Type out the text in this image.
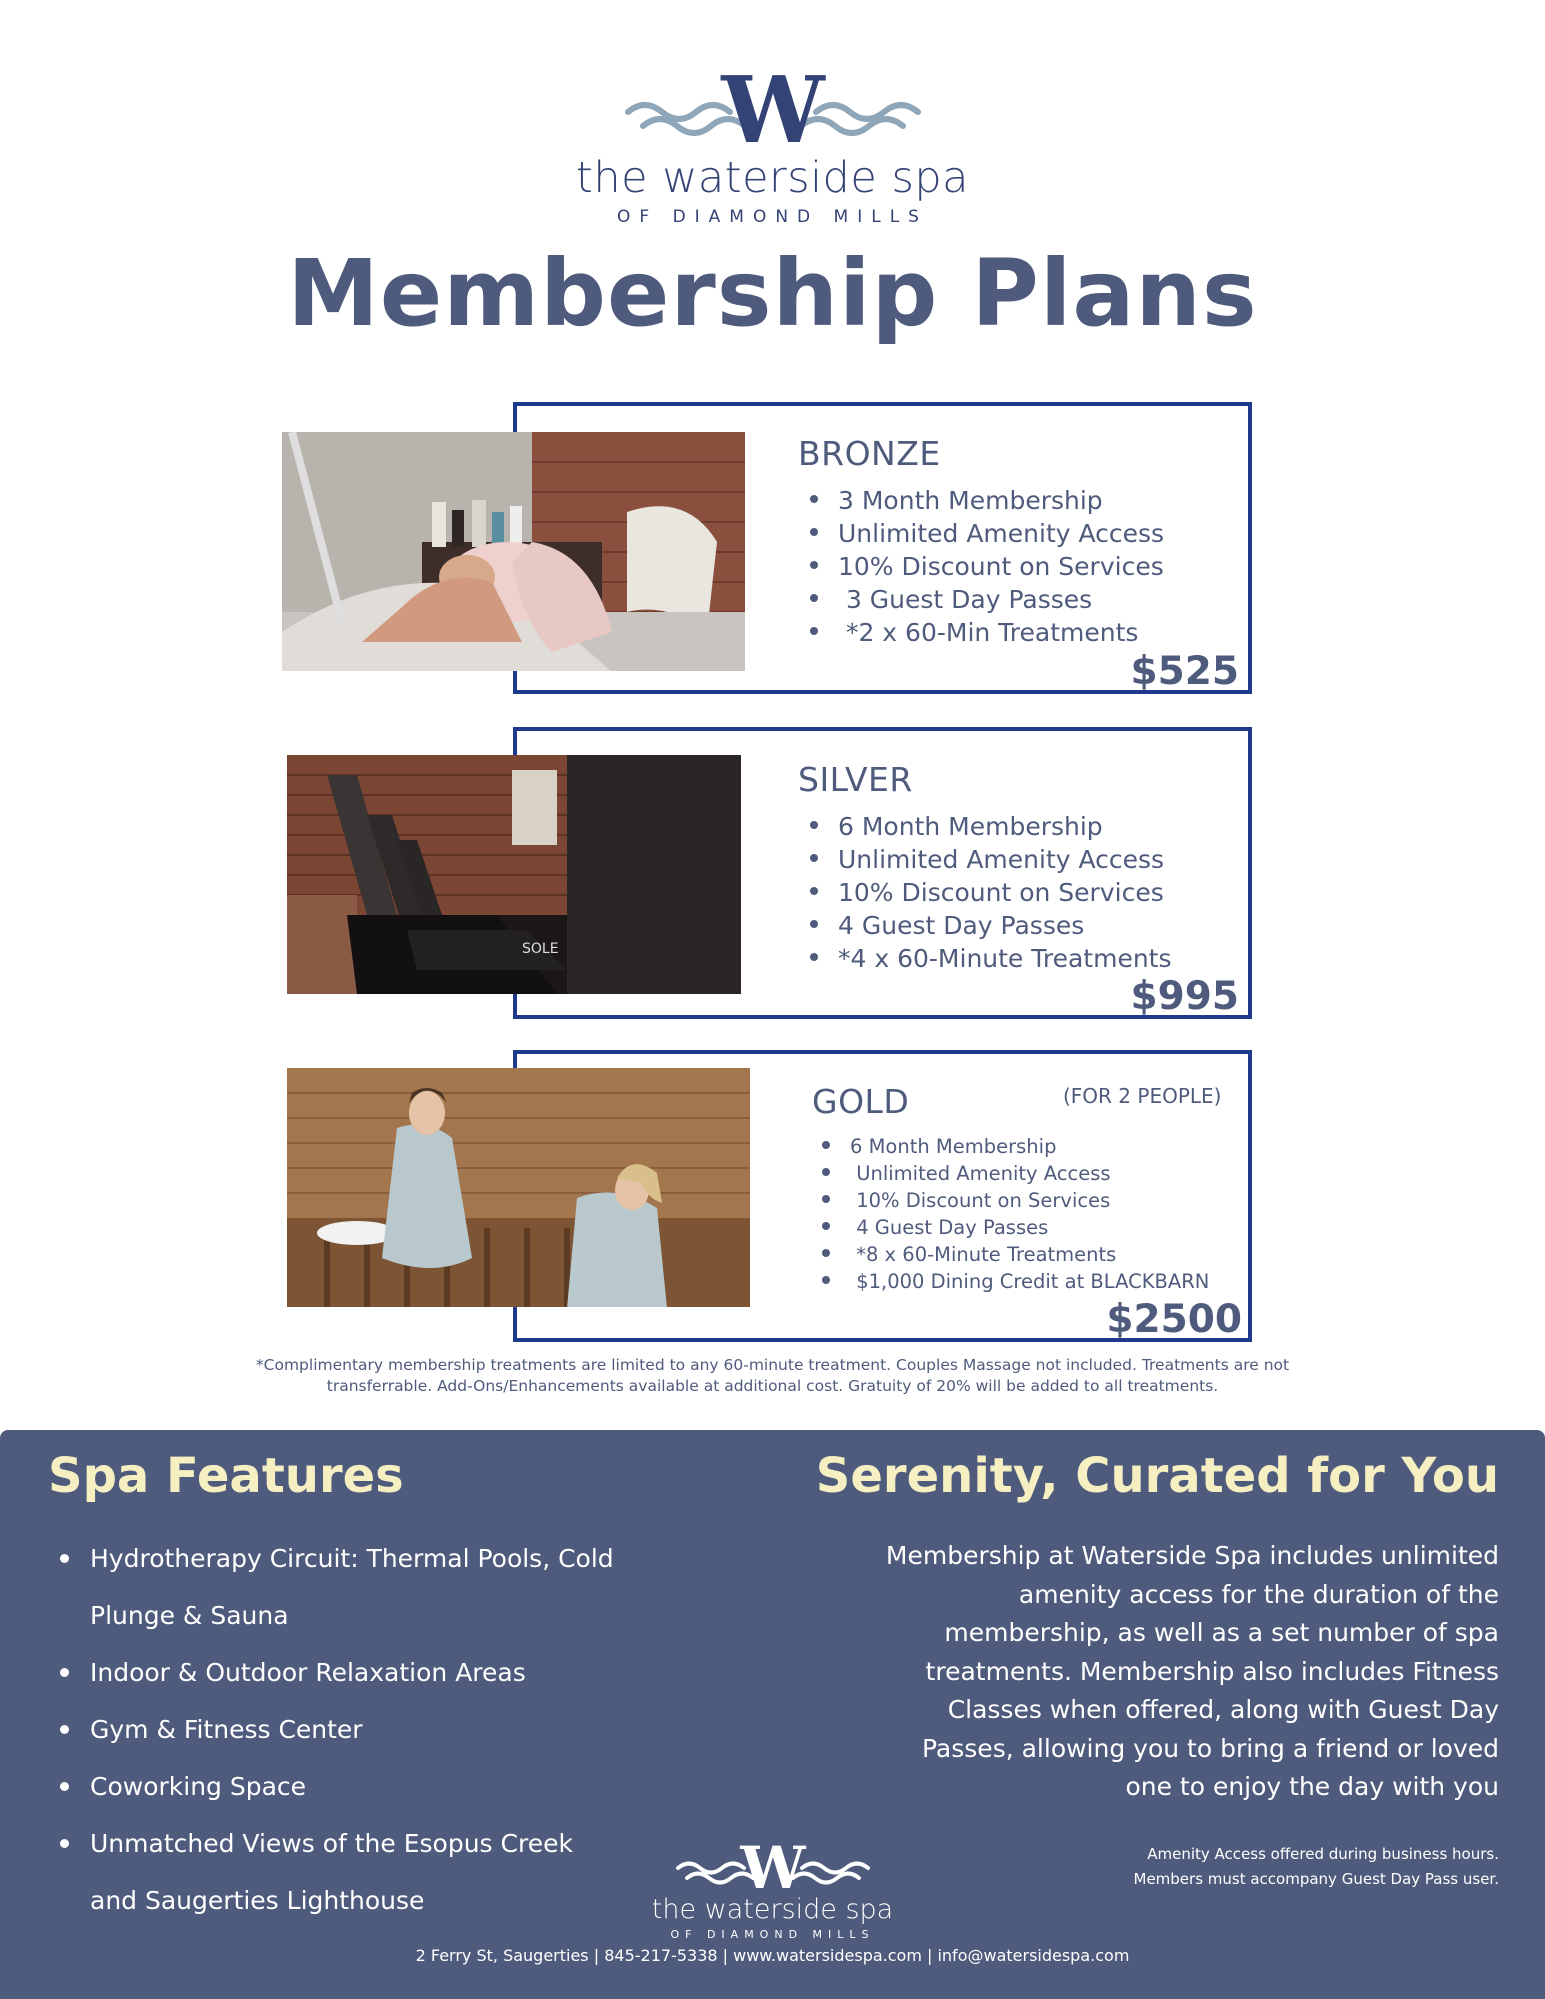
W
the waterside spa
OF DIAMOND MILLS
Membership Plans
BRONZE
3 Month Membership
Unlimited Amenity Access
10% Discount on Services
3 Guest Day Passes
*2 x 60-Min Treatments
$525
SOLE
SILVER
6 Month Membership
Unlimited Amenity Access
10% Discount on Services
4 Guest Day Passes
*4 x 60-Minute Treatments
$995
GOLD	(FOR 2 PEOPLE)
6 Month Membership
Unlimited Amenity Access
10% Discount on Services
4 Guest Day Passes
*8 x 60-Minute Treatments
$1,000 Dining Credit at BLACKBARN
$2500
*Complimentary membership treatments are limited to any 60-minute treatment. Couples Massage not included. Treatments are not transferrable. Add-Ons/Enhancements available at additional cost. Gratuity of 20% will be added to all treatments.
Spa Features
Hydrotherapy Circuit: Thermal Pools, Cold Plunge & Sauna
Indoor & Outdoor Relaxation Areas
Gym & Fitness Center
Coworking Space
Unmatched Views of the Esopus Creek and Saugerties Lighthouse
Serenity, Curated for You

Membership at Waterside Spa includes unlimited amenity access for the duration of the membership, as well as a set number of spa treatments. Membership also includes Fitness Classes when offered, along with Guest Day Passes, allowing you to bring a friend or loved one to enjoy the day with you

Amenity Access offered during business hours.
Members must accompany Guest Day Pass user.
W
the waterside spa
OF DIAMOND MILLS
2 Ferry St, Saugerties | 845-217-5338 | www.watersidespa.com | info@watersidespa.com
